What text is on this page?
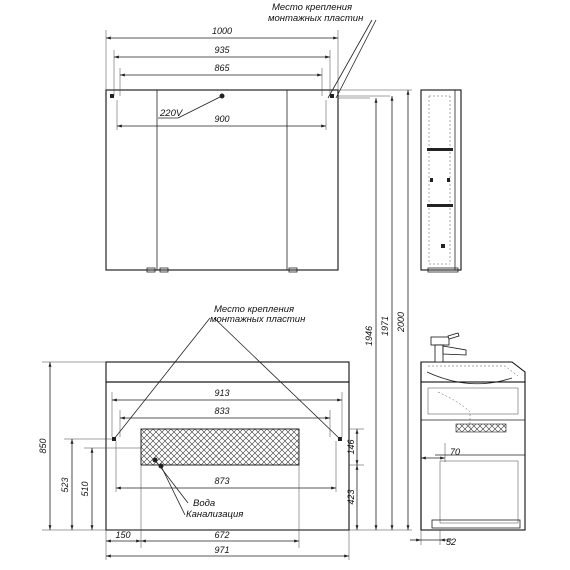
1000
935
865
900
220V
Место крепления
монтажных пластин
Место крепления
монтажных пластин
913
833
873
Вода
Канализация
150	672
971
146
423
850
523 510
1946 1971 2000
70
52
